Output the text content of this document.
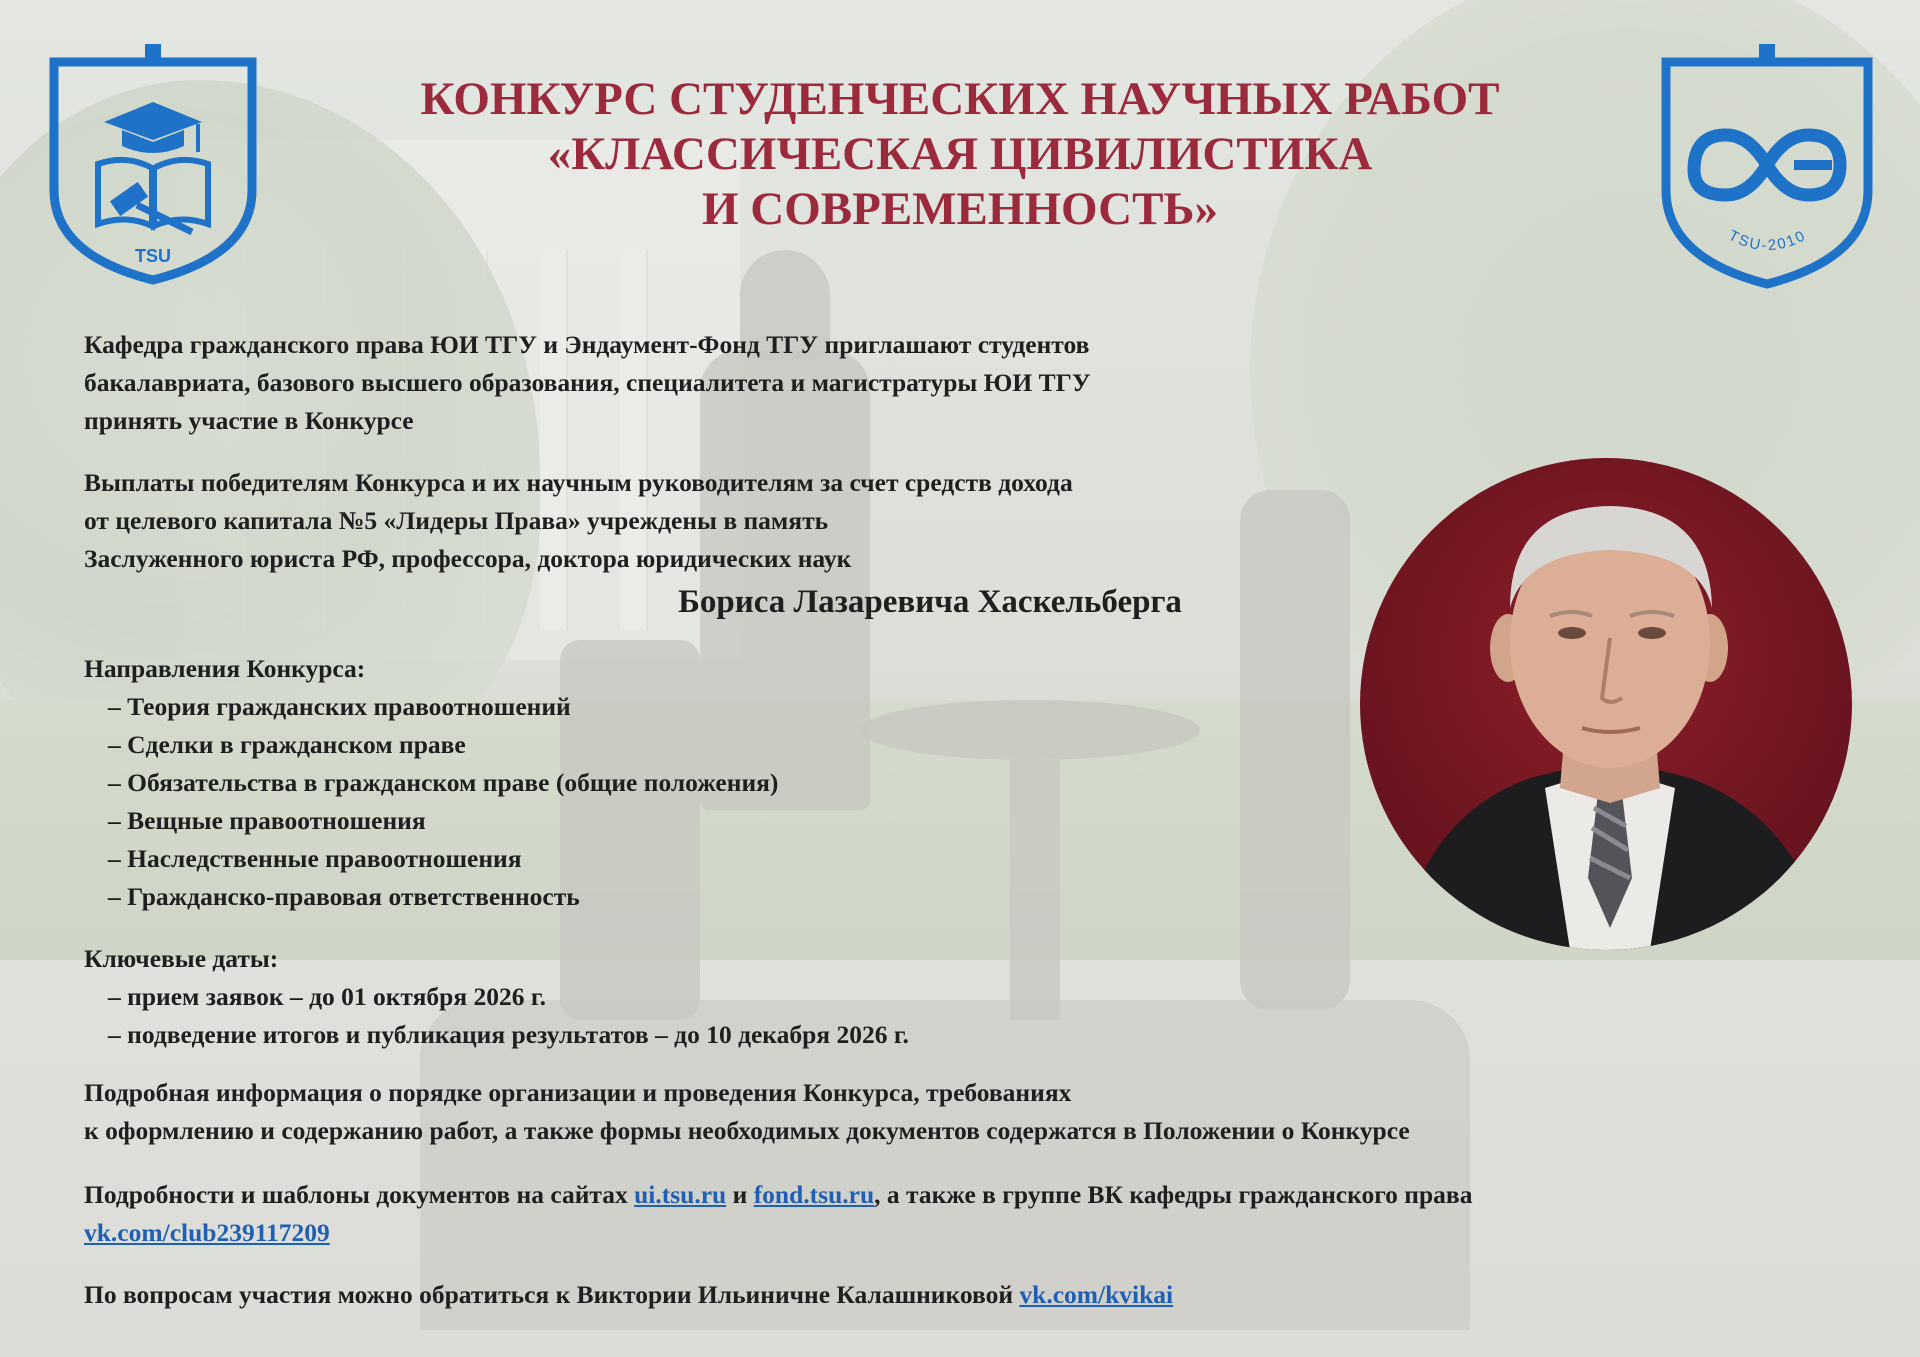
TSU
TSU-2010
КОНКУРС СТУДЕНЧЕСКИХ НАУЧНЫХ РАБОТ
«КЛАССИЧЕСКАЯ ЦИВИЛИСТИКА
И СОВРЕМЕННОСТЬ»
Кафедра гражданского права ЮИ ТГУ и Эндаумент-Фонд ТГУ приглашают студентов
бакалавриата, базового высшего образования, специалитета и магистратуры ЮИ ТГУ
принять участие в Конкурсе
Выплаты победителям Конкурса и их научным руководителям за счет средств дохода
от целевого капитала №5 «Лидеры Права» учреждены в память
Заслуженного юриста РФ, профессора, доктора юридических наук
Бориса Лазаревича Хаскельберга
Направления Конкурса:
– Теория гражданских правоотношений
– Сделки в гражданском праве
– Обязательства в гражданском праве (общие положения)
– Вещные правоотношения
– Наследственные правоотношения
– Гражданско-правовая ответственность
Ключевые даты:
– прием заявок – до 01 октября 2026 г.
– подведение итогов и публикация результатов – до 10 декабря 2026 г.
Подробная информация о порядке организации и проведения Конкурса, требованиях
к оформлению и содержанию работ, а также формы необходимых документов содержатся в Положении о Конкурсе
Подробности и шаблоны документов на сайтах ui.tsu.ru и fond.tsu.ru, а также в группе ВК кафедры гражданского права
vk.com/club239117209
По вопросам участия можно обратиться к Виктории Ильиничне Калашниковой vk.com/kvikai
